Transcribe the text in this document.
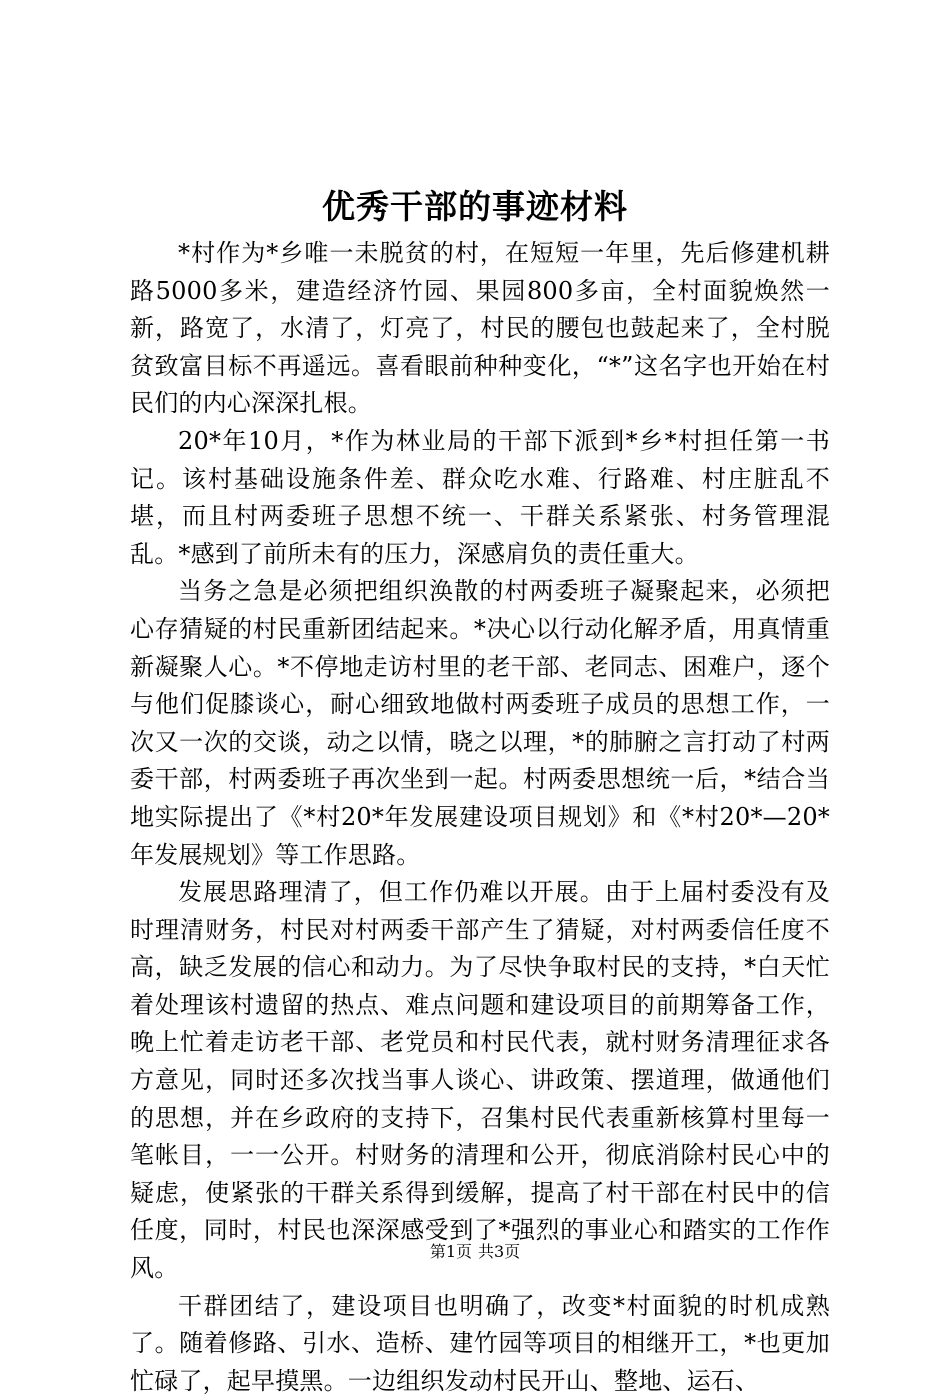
优秀干部的事迹材料

*村作为*乡唯一未脱贫的村，在短短一年里，先后修建机耕路5000多米，建造经济竹园、果园800多亩，全村面貌焕然一新，路宽了，水清了，灯亮了，村民的腰包也鼓起来了，全村脱贫致富目标不再遥远。喜看眼前种种变化，“*”这名字也开始在村民们的内心深深扎根。

20*年10月，*作为林业局的干部下派到*乡*村担任第一书记。该村基础设施条件差、群众吃水难、行路难、村庄脏乱不堪，而且村两委班子思想不统一、干群关系紧张、村务管理混乱。*感到了前所未有的压力，深感肩负的责任重大。

当务之急是必须把组织涣散的村两委班子凝聚起来，必须把心存猜疑的村民重新团结起来。*决心以行动化解矛盾，用真情重新凝聚人心。*不停地走访村里的老干部、老同志、困难户，逐个与他们促膝谈心，耐心细致地做村两委班子成员的思想工作，一次又一次的交谈，动之以情，晓之以理，*的肺腑之言打动了村两委干部，村两委班子再次坐到一起。村两委思想统一后，*结合当地实际提出了《*村20*年发展建设项目规划》和《*村20*—20*年发展规划》等工作思路。

发展思路理清了，但工作仍难以开展。由于上届村委没有及时理清财务，村民对村两委干部产生了猜疑，对村两委信任度不高，缺乏发展的信心和动力。为了尽快争取村民的支持，*白天忙着处理该村遗留的热点、难点问题和建设项目的前期筹备工作，晚上忙着走访老干部、老党员和村民代表，就村财务清理征求各方意见，同时还多次找当事人谈心、讲政策、摆道理，做通他们的思想，并在乡政府的支持下，召集村民代表重新核算村里每一笔帐目，一一公开。村财务的清理和公开，彻底消除村民心中的疑虑，使紧张的干群关系得到缓解，提高了村干部在村民中的信任度，同时，村民也深深感受到了*强烈的事业心和踏实的工作作风。

干群团结了，建设项目也明确了，改变*村面貌的时机成熟了。随着修路、引水、造桥、建竹园等项目的相继开工，*也更加忙碌了，起早摸黑。一边组织发动村民开山、整地、运石、

第1页 共3页
